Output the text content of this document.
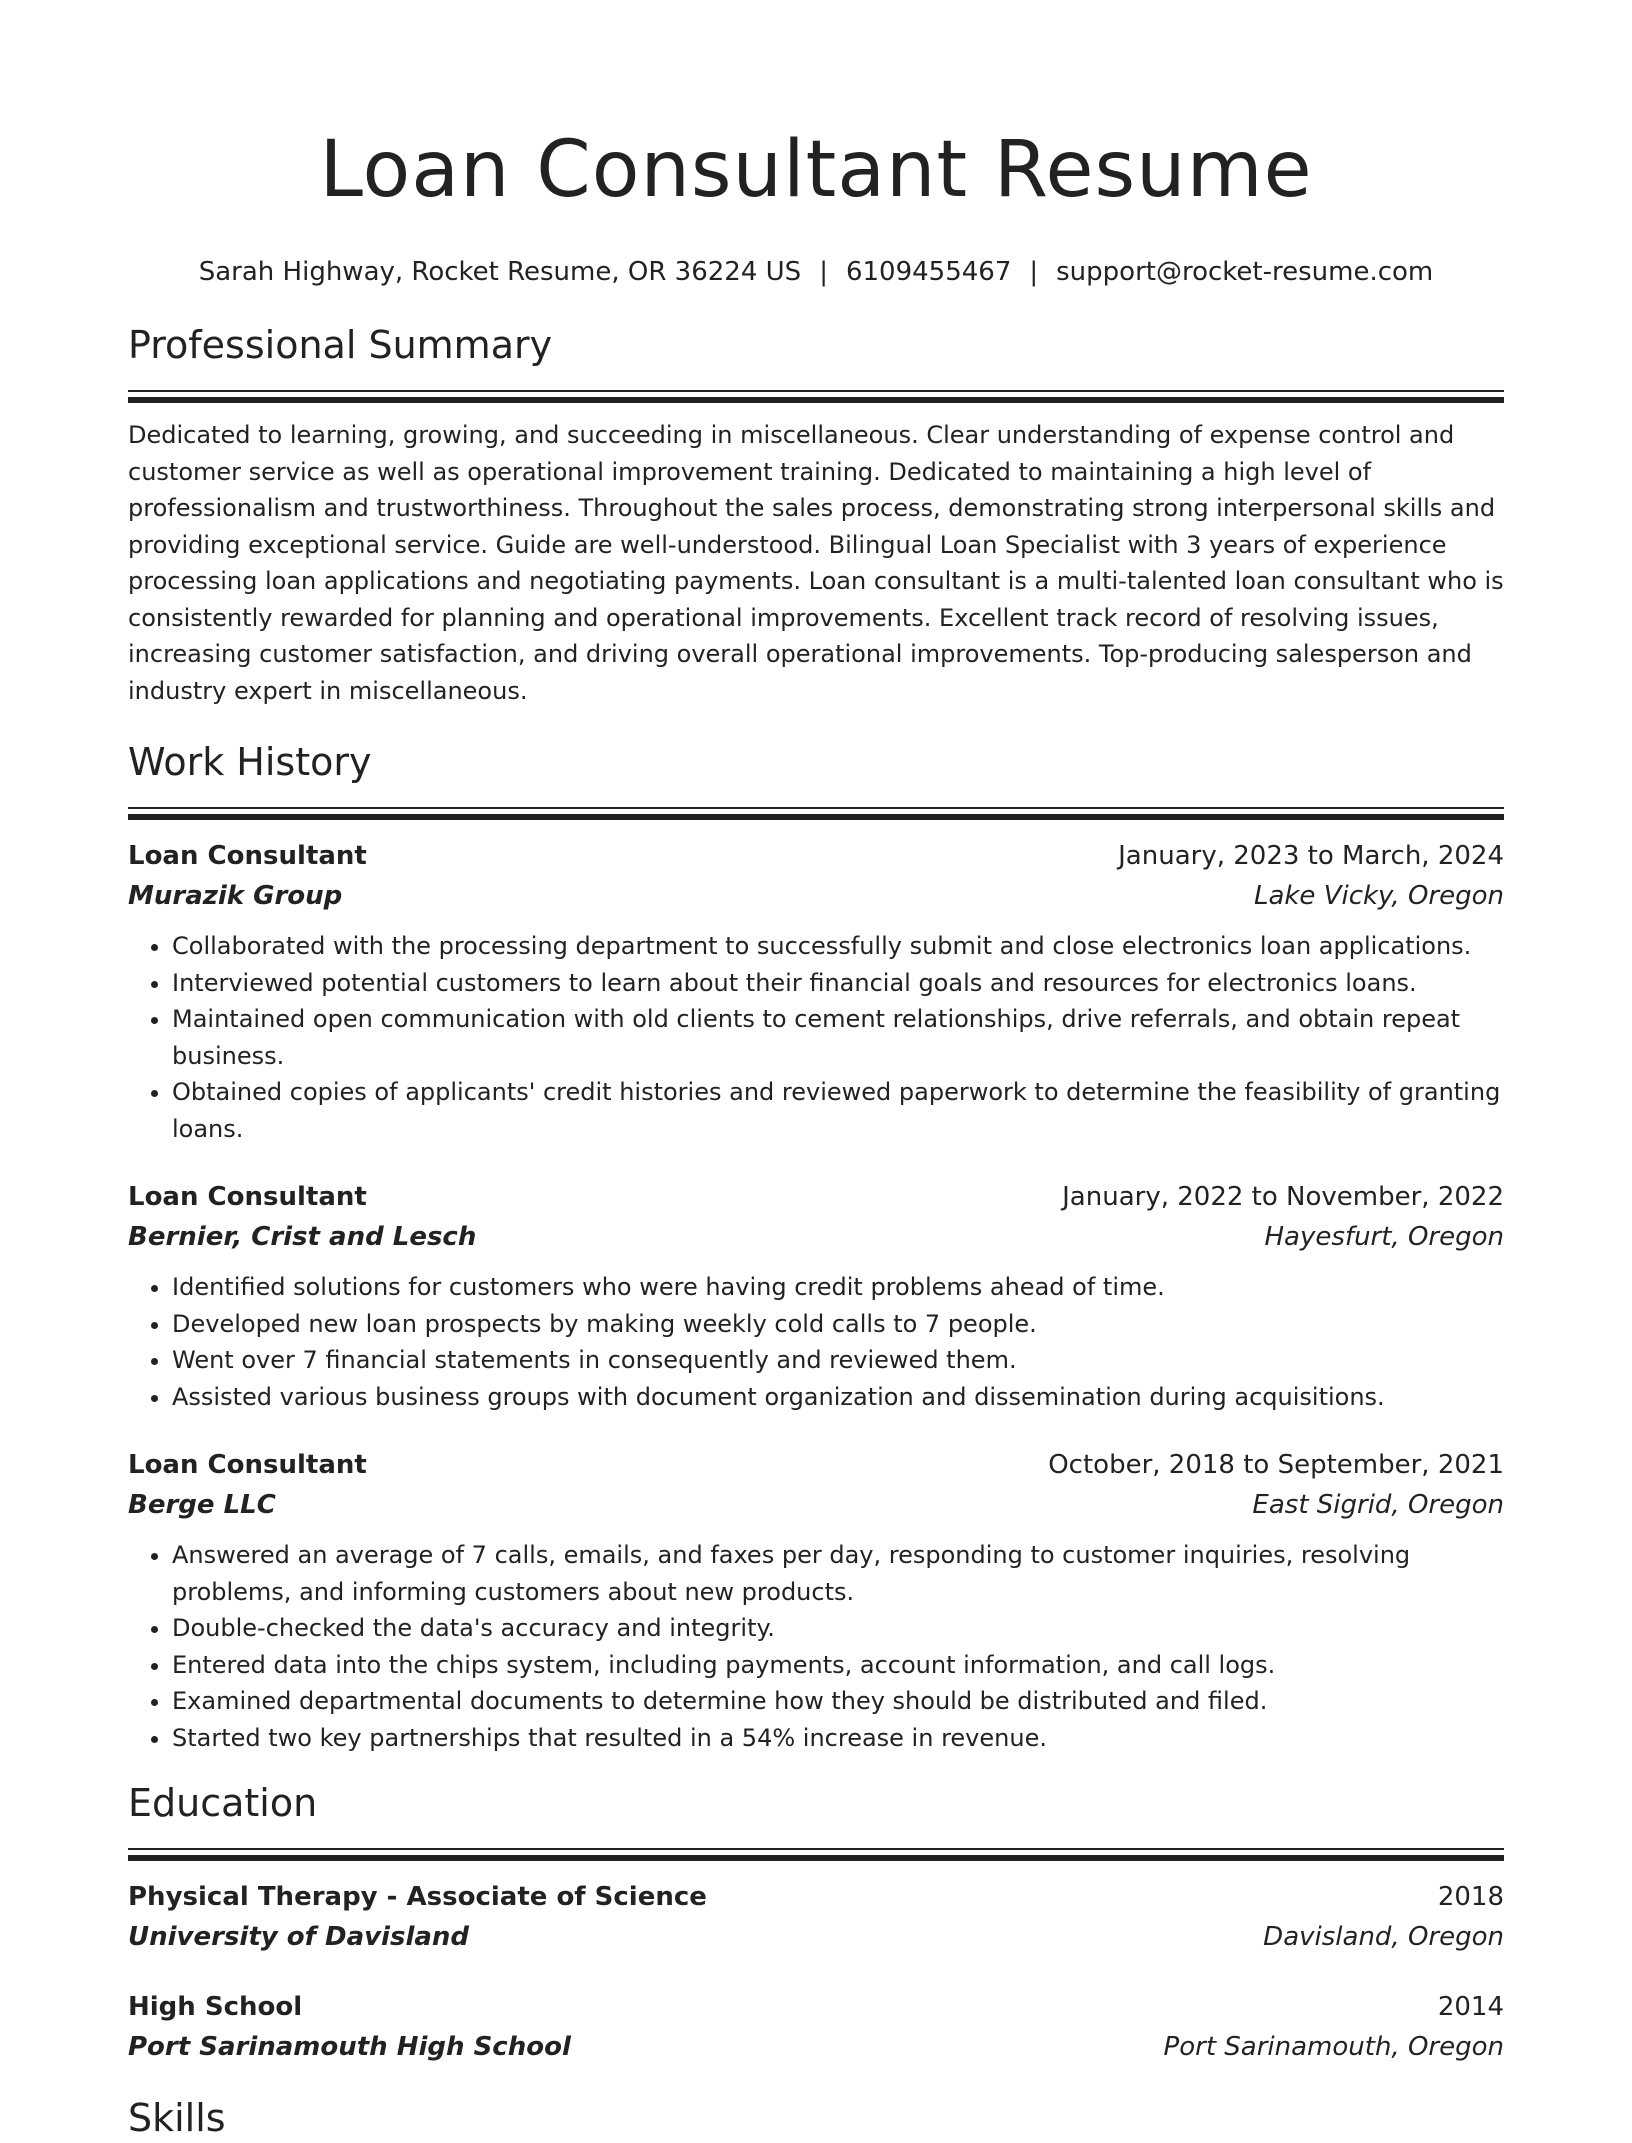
Loan Consultant Resume
Sarah Highway, Rocket Resume, OR 36224 US | 6109455467 | support@rocket-resume.com
Professional Summary
Dedicated to learning, growing, and succeeding in miscellaneous. Clear understanding of expense control and customer service as well as operational improvement training. Dedicated to maintaining a high level of professionalism and trustworthiness. Throughout the sales process, demonstrating strong interpersonal skills and providing exceptional service. Guide are well-understood. Bilingual Loan Specialist with 3 years of experience processing loan applications and negotiating payments. Loan consultant is a multi-talented loan consultant who is consistently rewarded for planning and operational improvements. Excellent track record of resolving issues, increasing customer satisfaction, and driving overall operational improvements. Top-producing salesperson and industry expert in miscellaneous.
Work History
Loan Consultant	January, 2023 to March, 2024
Murazik Group	Lake Vicky, Oregon
• Collaborated with the processing department to successfully submit and close electronics loan applications.
• Interviewed potential customers to learn about their financial goals and resources for electronics loans.
• Maintained open communication with old clients to cement relationships, drive referrals, and obtain repeat business.
• Obtained copies of applicants' credit histories and reviewed paperwork to determine the feasibility of granting loans.
Loan Consultant	January, 2022 to November, 2022
Bernier, Crist and Lesch	Hayesfurt, Oregon
• Identified solutions for customers who were having credit problems ahead of time.
• Developed new loan prospects by making weekly cold calls to 7 people.
• Went over 7 financial statements in consequently and reviewed them.
• Assisted various business groups with document organization and dissemination during acquisitions.
Loan Consultant	October, 2018 to September, 2021
Berge LLC	East Sigrid, Oregon
• Answered an average of 7 calls, emails, and faxes per day, responding to customer inquiries, resolving problems, and informing customers about new products.
• Double-checked the data's accuracy and integrity.
• Entered data into the chips system, including payments, account information, and call logs.
• Examined departmental documents to determine how they should be distributed and filed.
• Started two key partnerships that resulted in a 54% increase in revenue.
Education
Physical Therapy - Associate of Science	2018
University of Davisland	Davisland, Oregon
High School	2014
Port Sarinamouth High School	Port Sarinamouth, Oregon
Skills
